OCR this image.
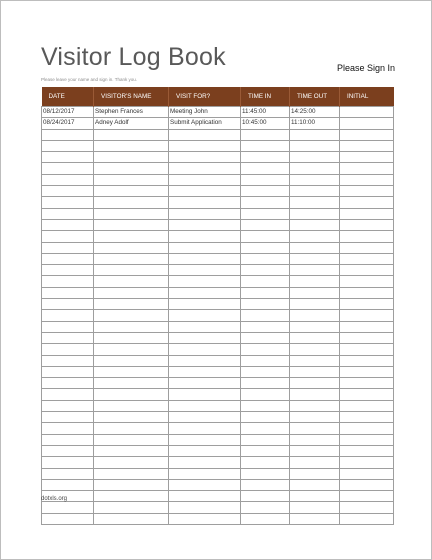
Visitor Log Book	Please Sign In
Please leave your name and sign in. Thank you.
DATE	VISITOR'S NAME	VISIT FOR?	TIME IN	TIME OUT	INITIAL
08/12/2017	Stephen Frances	Meeting John	11:45:00	14:25:00	
08/24/2017	Adney Adolf	Submit Application	10:45:00	11:10:00	

dotxls.org
